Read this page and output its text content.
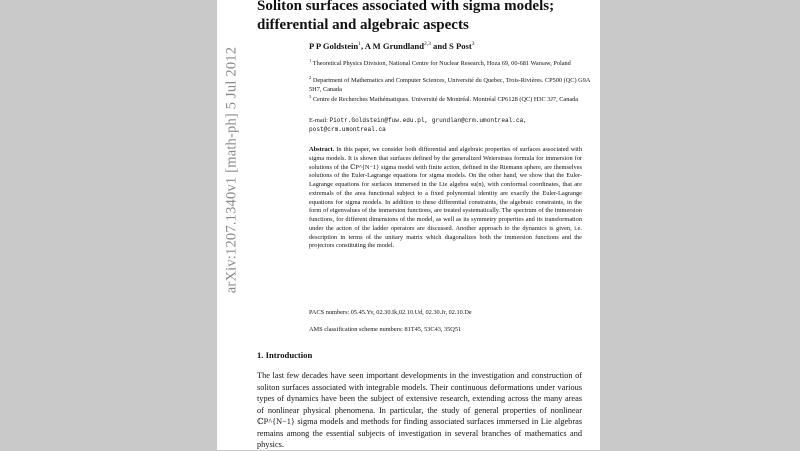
arXiv:1207.1340v1 [math-ph] 5 Jul 2012
Soliton surfaces associated with sigma models; differential and algebraic aspects
P P Goldstein$^1$, A M Grundland$^{2,3}$ and S Post$^3$
$^1$ Theoretical Physics Division, National Centre for Nuclear Research, Hoza 69, 00-681 Warsaw, Poland
$^2$ Department of Mathematics and Computer Sciences, Université du Quebec, Trois-Rivières. CP500 (QC) G9A 5H7, Canada
$^3$ Centre de Recherches Mathématiques. Université de Montréal. Montréal CP6128 (QC) H3C 3J7, Canada
E-mail: Piotr.Goldstein@fuw.edu.pl, grundlan@crm.umontreal.ca, post@crm.umontreal.ca

Abstract. In this paper, we consider both differential and algebraic properties of surfaces associated with sigma models. It is shown that surfaces defined by the generalized Weierstrass formula for immersion for solutions of the ℂP^{N−1} sigma model with finite action, defined in the Riemann sphere, are themselves solutions of the Euler-Lagrange equations for sigma models. On the other hand, we show that the Euler-Lagrange equations for surfaces immersed in the Lie algebra su(n), with conformal coordinates, that are extremals of the area functional subject to a fixed polynomial identity are exactly the Euler-Lagrange equations for sigma models. In addition to these differential constraints, the algebraic constraints, in the form of eigenvalues of the immersion functions, are treated systematically. The spectrum of the immersion functions, for different dimensions of the model, as well as its symmetry properties and its transformation under the action of the ladder operators are discussed. Another approach to the dynamics is given, i.e. description in terms of the unitary matrix which diagonalizes both the immersion functions and the projectors constituting the model.

PACS numbers: 05.45.Yv, 02.30.Ik,02.10.Ud, 02.30.Jr, 02.10.De
AMS classification scheme numbers: 81T45, 53C43, 35Q51
1. Introduction

The last few decades have seen important developments in the investigation and construction of soliton surfaces associated with integrable models. Their continuous deformations under various types of dynamics have been the subject of extensive research, extending across the many areas of nonlinear physical phenomena. In particular, the study of general properties of nonlinear ℂP^{N−1} sigma models and methods for finding associated surfaces immersed in Lie algebras remains among the essential subjects of investigation in several branches of mathematics and physics.
